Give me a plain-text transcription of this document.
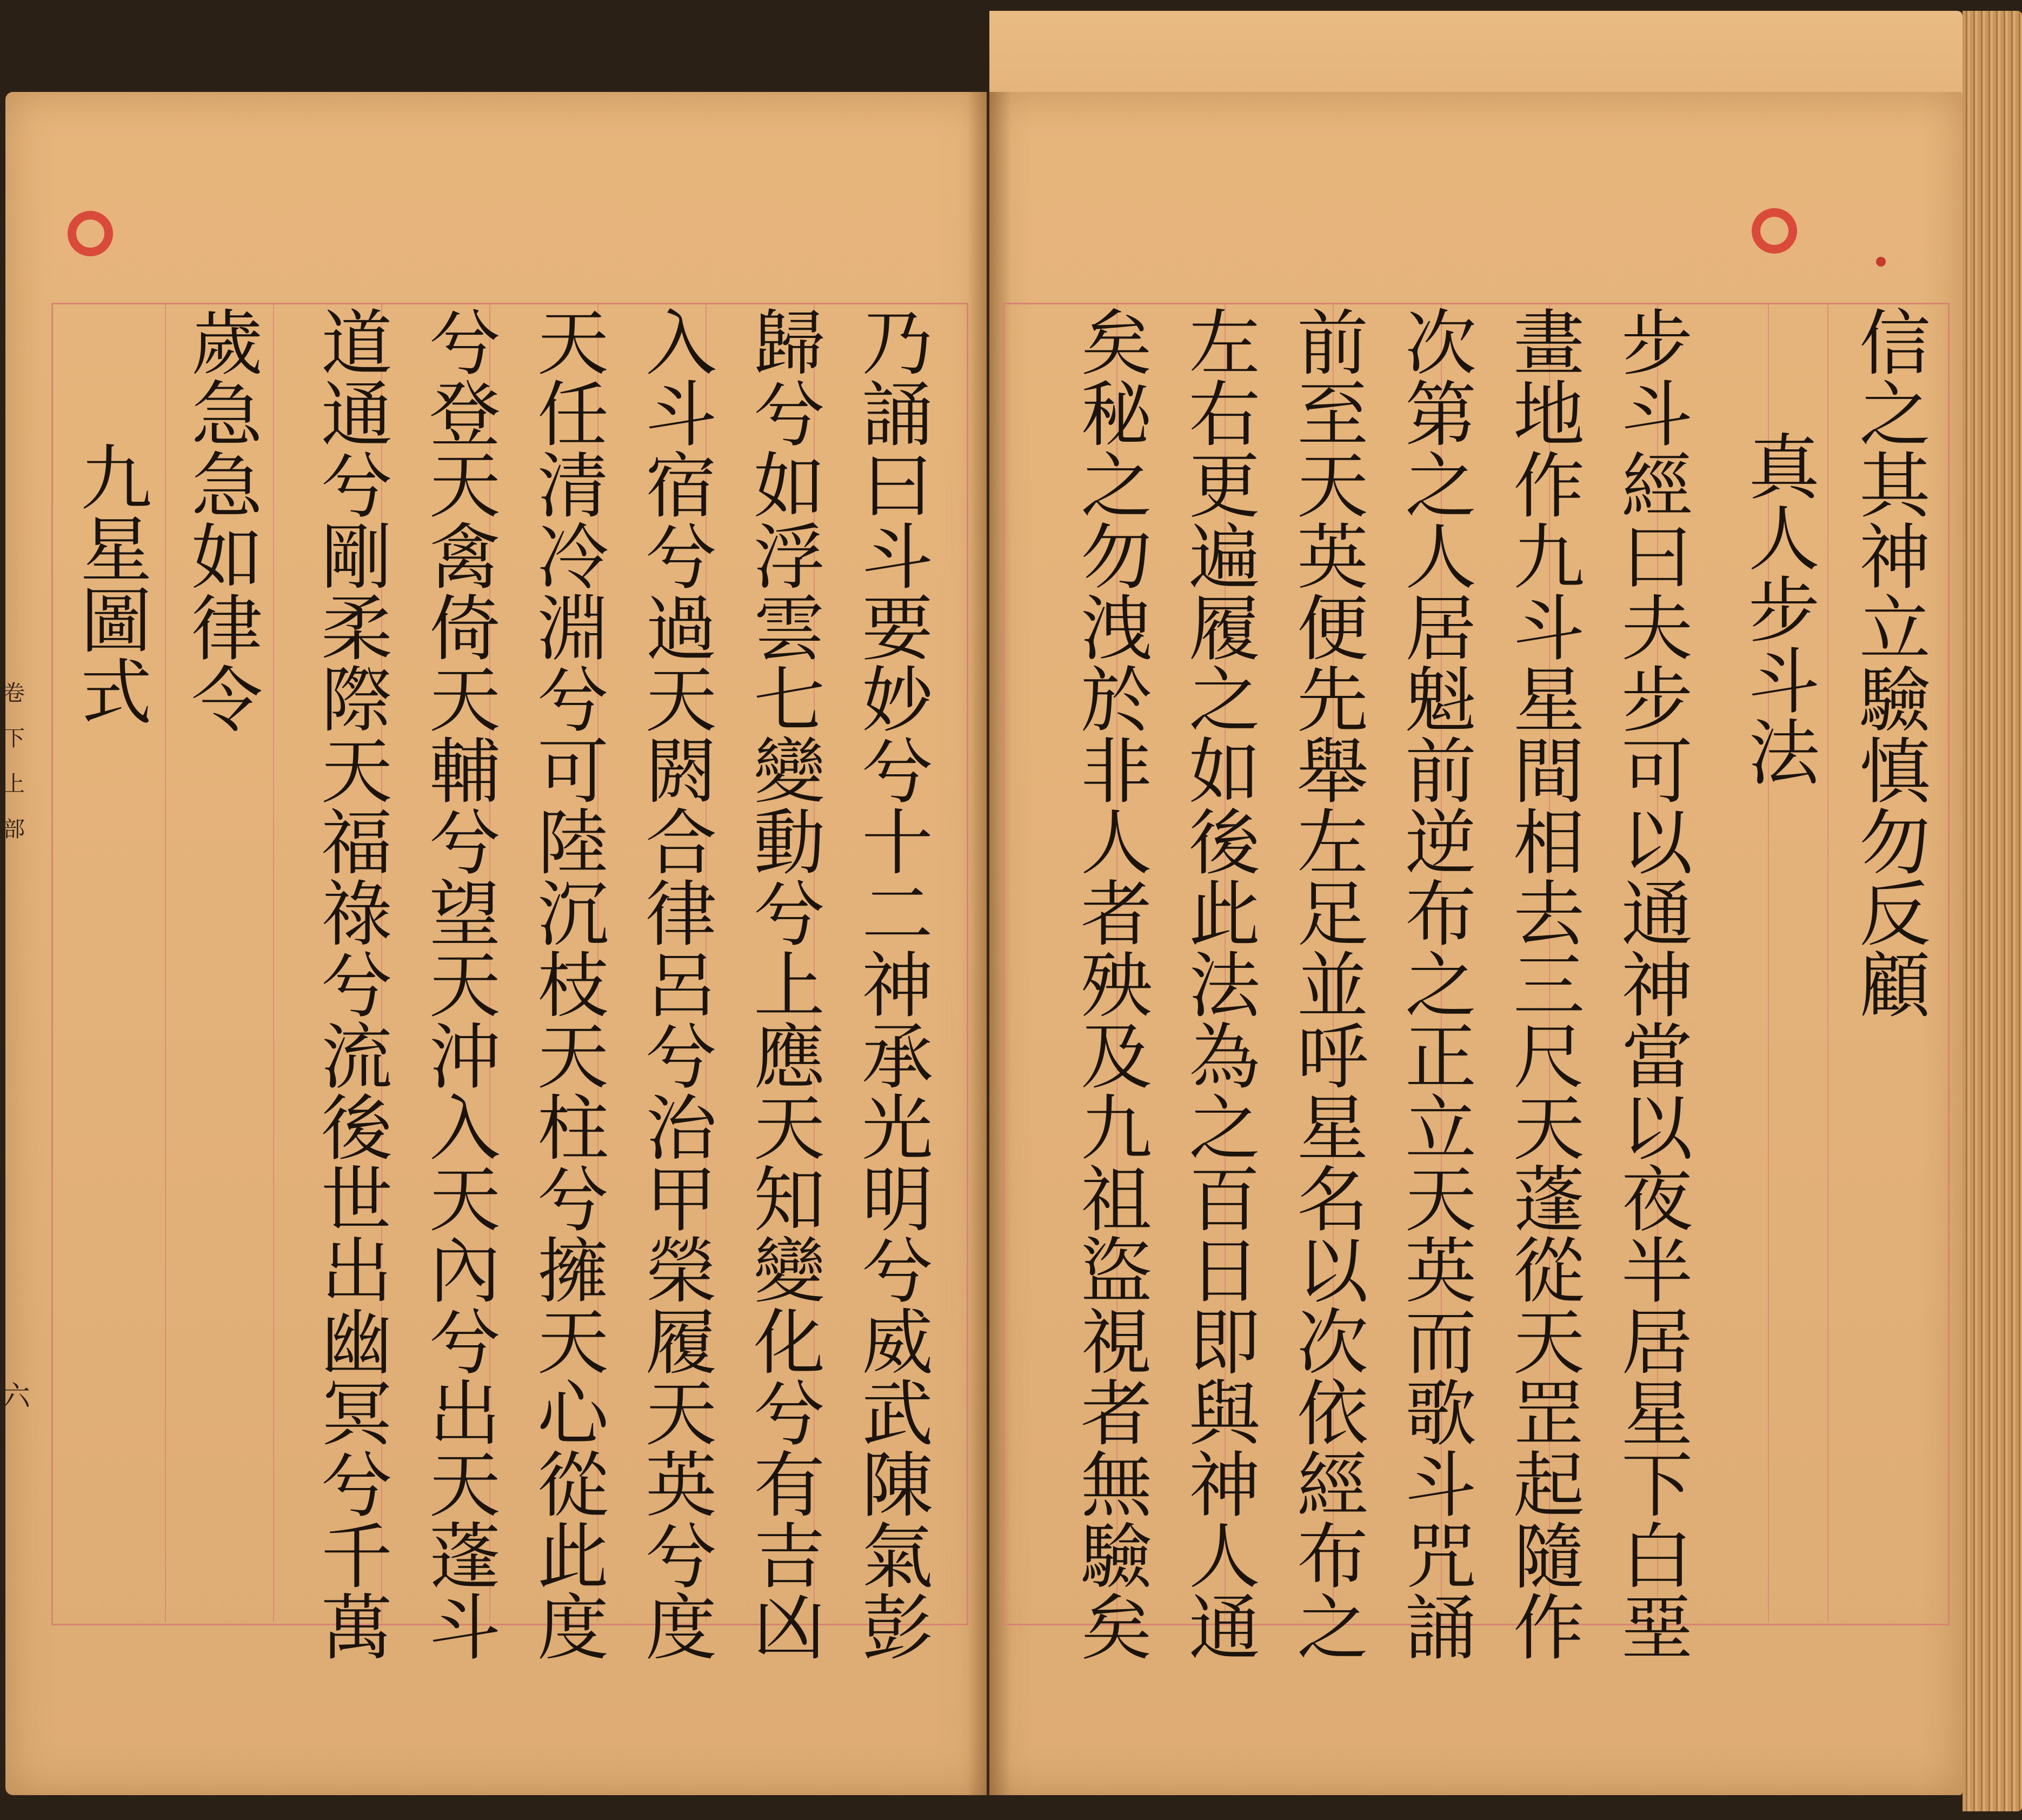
信
之
其
神
立
驗
慎
勿
反
顧
真
人
步
斗
法
步
斗
經
曰
夫
步
可
以
通
神
當
以
夜
半
居
星
下
白
堊
畫
地
作
九
斗
星
間
相
去
三
尺
天
蓬
從
天
罡
起
隨
作
次
第
之
人
居
魁
前
逆
布
之
正
立
天
英
而
歌
斗
咒
誦
前
至
天
英
便
先
舉
左
足
並
呼
星
名
以
次
依
經
布
之
左
右
更
遍
履
之
如
後
此
法
為
之
百
日
即
與
神
人
通
矣
秘
之
勿
洩
於
非
人
者
殃
及
九
祖
盜
視
者
無
驗
矣
乃
誦
曰
斗
要
妙
兮
十
二
神
承
光
明
兮
威
武
陳
氣
彭
歸
兮
如
浮
雲
七
變
動
兮
上
應
天
知
變
化
兮
有
吉
凶
入
斗
宿
兮
過
天
閼
合
律
呂
兮
治
甲
榮
履
天
英
兮
度
天
任
清
冷
淵
兮
可
陸
沉
枝
天
柱
兮
擁
天
心
從
此
度
兮
登
天
禽
倚
天
輔
兮
望
天
沖
入
天
內
兮
出
天
蓬
斗
道
通
兮
剛
柔
際
天
福
祿
兮
流
後
世
出
幽
冥
兮
千
萬
歲
急
急
如
律
令
九
星
圖
式
卷
下
上
部
六
